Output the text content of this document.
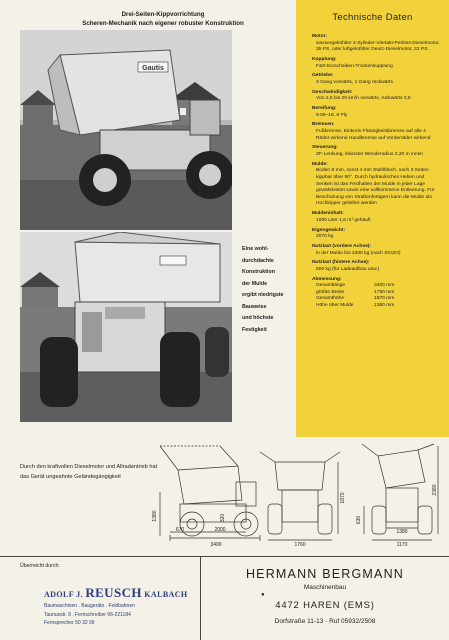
Drei-Seiten-Kippvorrichtung
Scheren-Mechanik nach eigener robuster Konstruktion
Gautis
Eine wohl-
durchdachte
Konstruktion
der Mulde
ergibt niedrigste
Bauweise
und höchste
Festigkeit
Technische Daten
Motor:
wassergekühlter 4-Zylinder-Viertakt-Perkins-Dieselmotor, 35 PS, oder luftgekühlter Deutz-Dieselmotor, 22 PS.
Kupplung:
F&S-Einscheiben-Trockenkupplung
Getriebe:
3 Gang vorwärts, 1 Gang rückwärts
Geschwindigkeit:
Von 2,6 bis 20 km/h vorwärts, rückwärts 3,6
Bereifung:
9.00–16, 8 Ply
Bremsen:
Fußbremse, Einkreis-Flüssigkeitsbremse auf alle 4 Räder wirkend Handbremse auf Vorderräder wirkend
Steuerung:
ZF-Lenkung, kleinster Wenderadius 2,20 m innen
Mulde:
Boden 8 mm, sonst 4 mm Stahlblech, nach 3 Seiten kippbar über 90°. Durch hydraulisches Heben und Senken ist das Festhalten der Mulde in jeder Lage gewährleistet sowie eine vollkommene Entleerung. Für Beschickung von Straßenfertigern kann die Mulde als Hochkipper geliefert werden
Muldeninhalt:
1000 Liter 1,6 m³ gehäuft
Eigengewicht:
2070 kg
Nutzlast (vordere Achse):
in der Mulde bis 2200 kg (nach StVZO)
Nutzlast (hintere Achse):
800 kg (für Ladeaufbau usw.)
Abmessung:
Gesamtlänge	3400 mm
größte Breite	1760 mm
Gesamthöhe	1870 mm
Höhe über Mulde	1380 mm
Durch den kraftvollen Dieselmotor und Allradantrieb hat das Gerät ungeahnte Geländegängigkeit
3400
670	2000
1380	320
1760
1870
1170
1380
630
2380
Überreicht durch:
ADOLF J. REUSCH KALBACH
Baumaschinen . Baugeräte . Feldbahnen
Taunusstr. 9 . Fernschreiber 06-221184
Fernsprecher 50 32 99
HERMANN BERGMANN
Maschinenbau
●
4472 HAREN (EMS)
Dorfstraße 11-13 · Ruf 05932/2508
